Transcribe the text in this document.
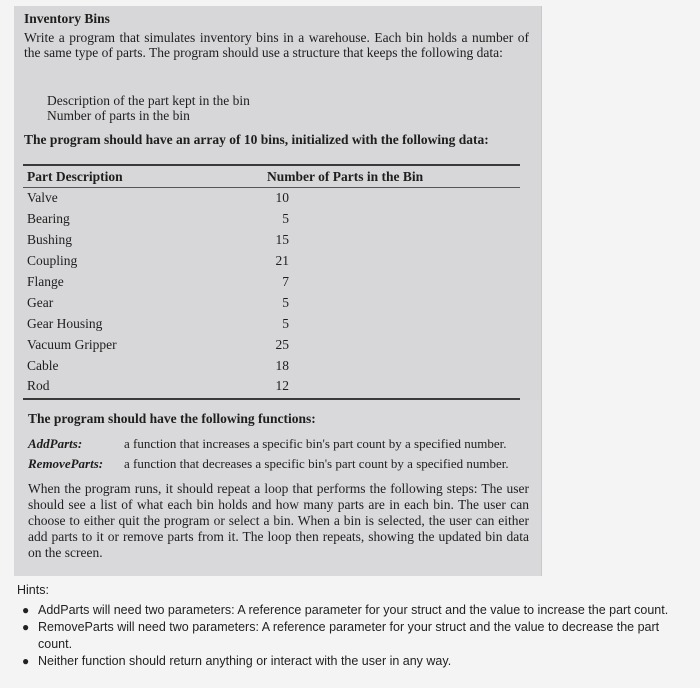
Inventory Bins
Write a program that simulates inventory bins in a warehouse. Each bin holds a number of the same type of parts. The program should use a structure that keeps the following data:
Description of the part kept in the bin
Number of parts in the bin
The program should have an array of 10 bins, initialized with the following data:
Part Description	Number of Parts in the Bin
Valve	10
Bearing	5
Bushing	15
Coupling	21
Flange	7
Gear	5
Gear Housing	5
Vacuum Gripper	25
Cable	18
Rod	12
The program should have the following functions:
AddParts:	a function that increases a specific bin's part count by a specified number.
RemoveParts: a function that decreases a specific bin's part count by a specified number.
When the program runs, it should repeat a loop that performs the following steps: The user should see a list of what each bin holds and how many parts are in each bin. The user can choose to either quit the program or select a bin. When a bin is selected, the user can either add parts to it or remove parts from it. The loop then repeats, showing the updated bin data on the screen.
Hints:
● AddParts will need two parameters: A reference parameter for your struct and the value to increase the part count.
● RemoveParts will need two parameters: A reference parameter for your struct and the value to decrease the part count.
● Neither function should return anything or interact with the user in any way.
